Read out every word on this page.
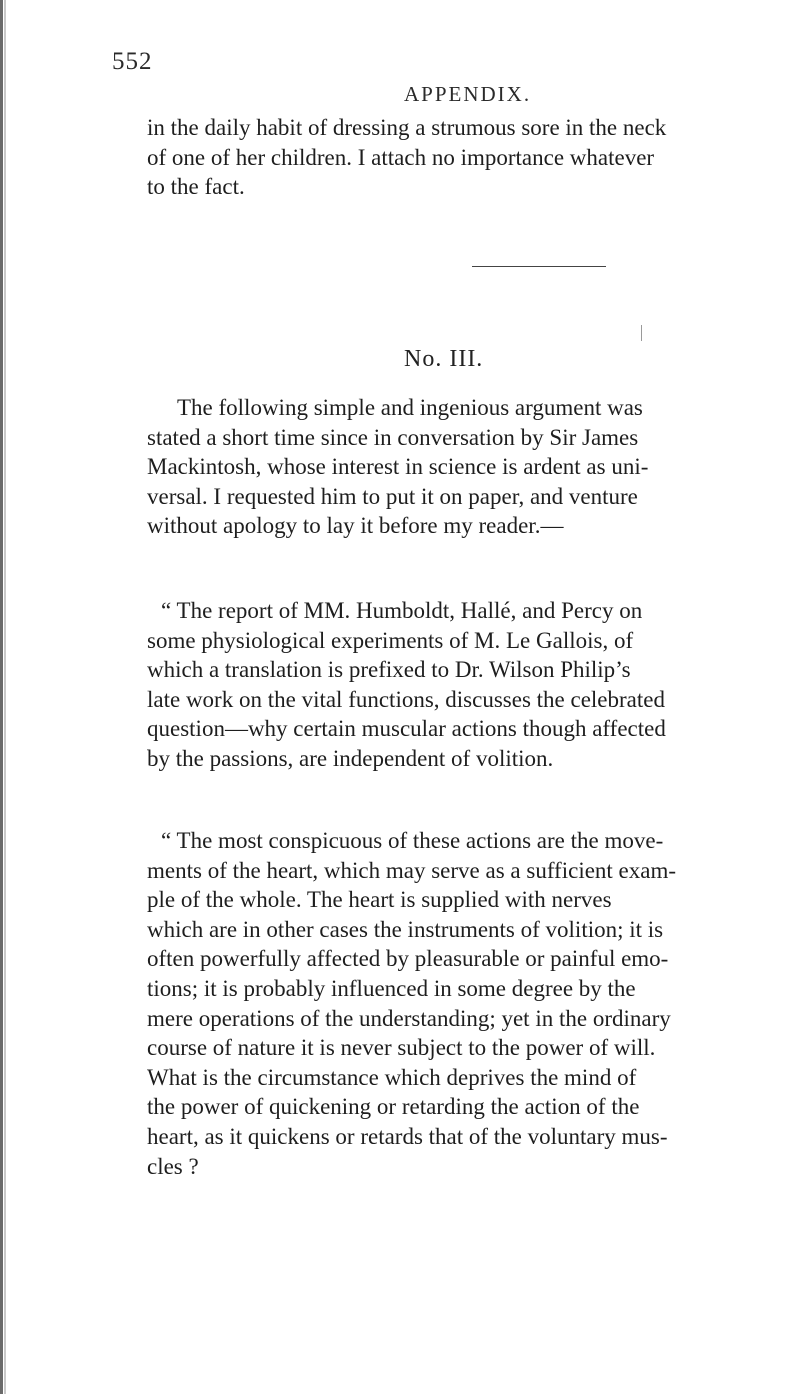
552
APPENDIX.

in the daily habit of dressing a strumous sore in the neck
of one of her children. I attach no importance whatever
to the fact.

No. III.

The following simple and ingenious argument was
stated a short time since in conversation by Sir James
Mackintosh, whose interest in science is ardent as uni-
versal. I requested him to put it on paper, and venture
without apology to lay it before my reader.—

“ The report of MM. Humboldt, Hallé, and Percy on
some physiological experiments of M. Le Gallois, of
which a translation is prefixed to Dr. Wilson Philip’s
late work on the vital functions, discusses the celebrated
question—why certain muscular actions though affected
by the passions, are independent of volition.

“ The most conspicuous of these actions are the move-
ments of the heart, which may serve as a sufficient exam-
ple of the whole. The heart is supplied with nerves
which are in other cases the instruments of volition; it is
often powerfully affected by pleasurable or painful emo-
tions; it is probably influenced in some degree by the
mere operations of the understanding; yet in the ordinary
course of nature it is never subject to the power of will.
What is the circumstance which deprives the mind of
the power of quickening or retarding the action of the
heart, as it quickens or retards that of the voluntary mus-
cles ?
